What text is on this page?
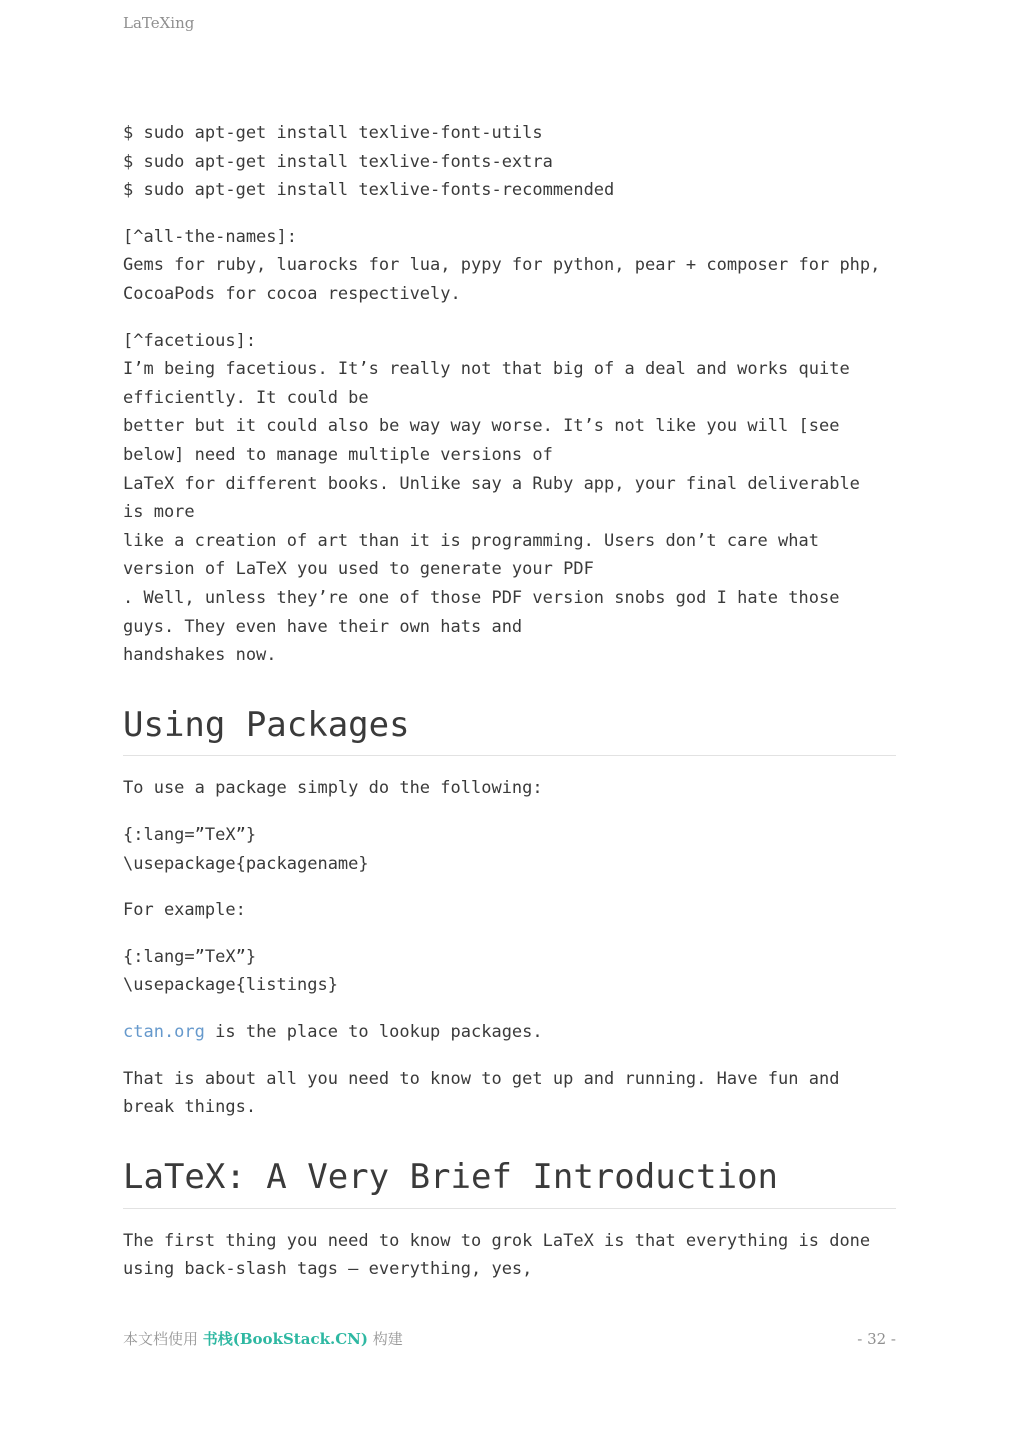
LaTeXing
$ sudo apt-get install texlive-font-utils
$ sudo apt-get install texlive-fonts-extra
$ sudo apt-get install texlive-fonts-recommended
[^all-the-names]:
Gems for ruby, luarocks for lua, pypy for python, pear + composer for php,
CocoaPods for cocoa respectively.
[^facetious]:
I’m being facetious. It’s really not that big of a deal and works quite
efficiently. It could be
better but it could also be way way worse. It’s not like you will [see
below] need to manage multiple versions of
LaTeX for different books. Unlike say a Ruby app, your final deliverable
is more
like a creation of art than it is programming. Users don’t care what
version of LaTeX you used to generate your PDF
. Well, unless they’re one of those PDF version snobs god I hate those
guys. They even have their own hats and
handshakes now.
Using Packages
To use a package simply do the following:
{:lang=”TeX”}
\usepackage{packagename}
For example:
{:lang=”TeX”}
\usepackage{listings}
ctan.org is the place to lookup packages.
That is about all you need to know to get up and running. Have fun and
break things.
LaTeX: A Very Brief Introduction
The first thing you need to know to grok LaTeX is that everything is done
using back-slash tags — everything, yes,
本文档使用 书栈(BookStack.CN) 构建	- 32 -
